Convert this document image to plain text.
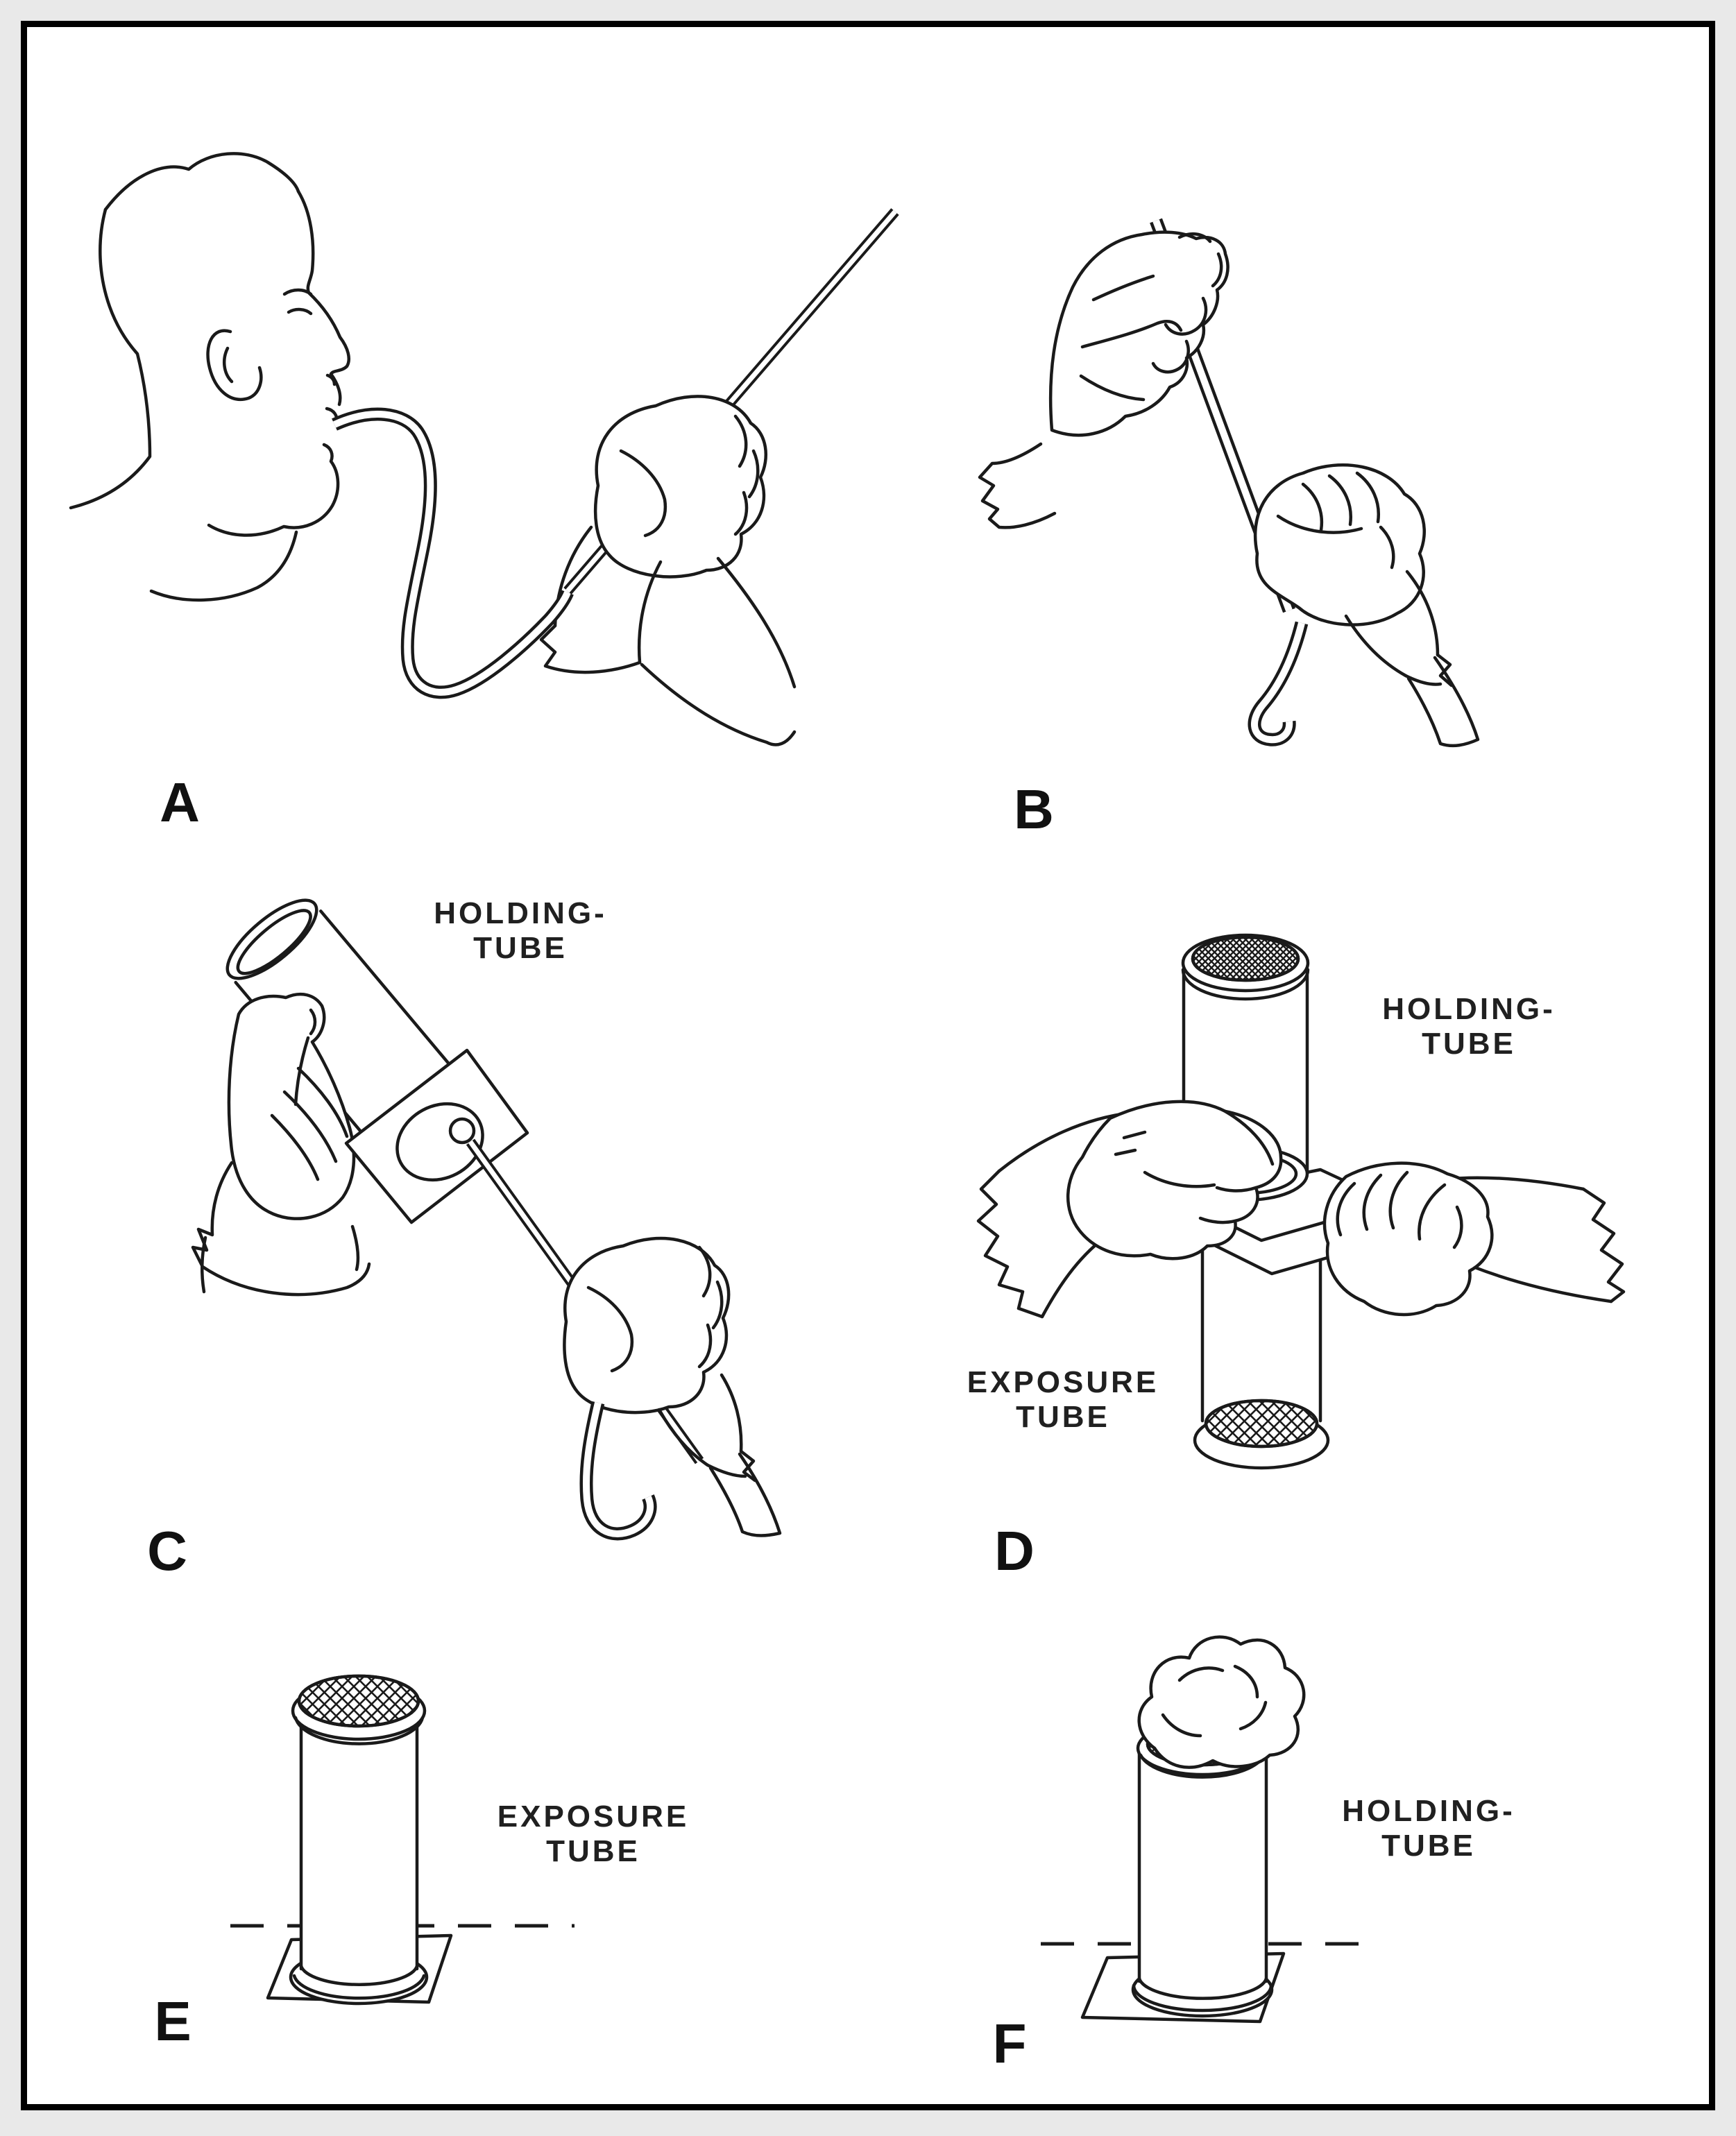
HOLDING-
TUBE
HOLDING-
TUBE
EXPOSURE
TUBE
EXPOSURE
TUBE
HOLDING-
TUBE
A	B
C	D
E	F
